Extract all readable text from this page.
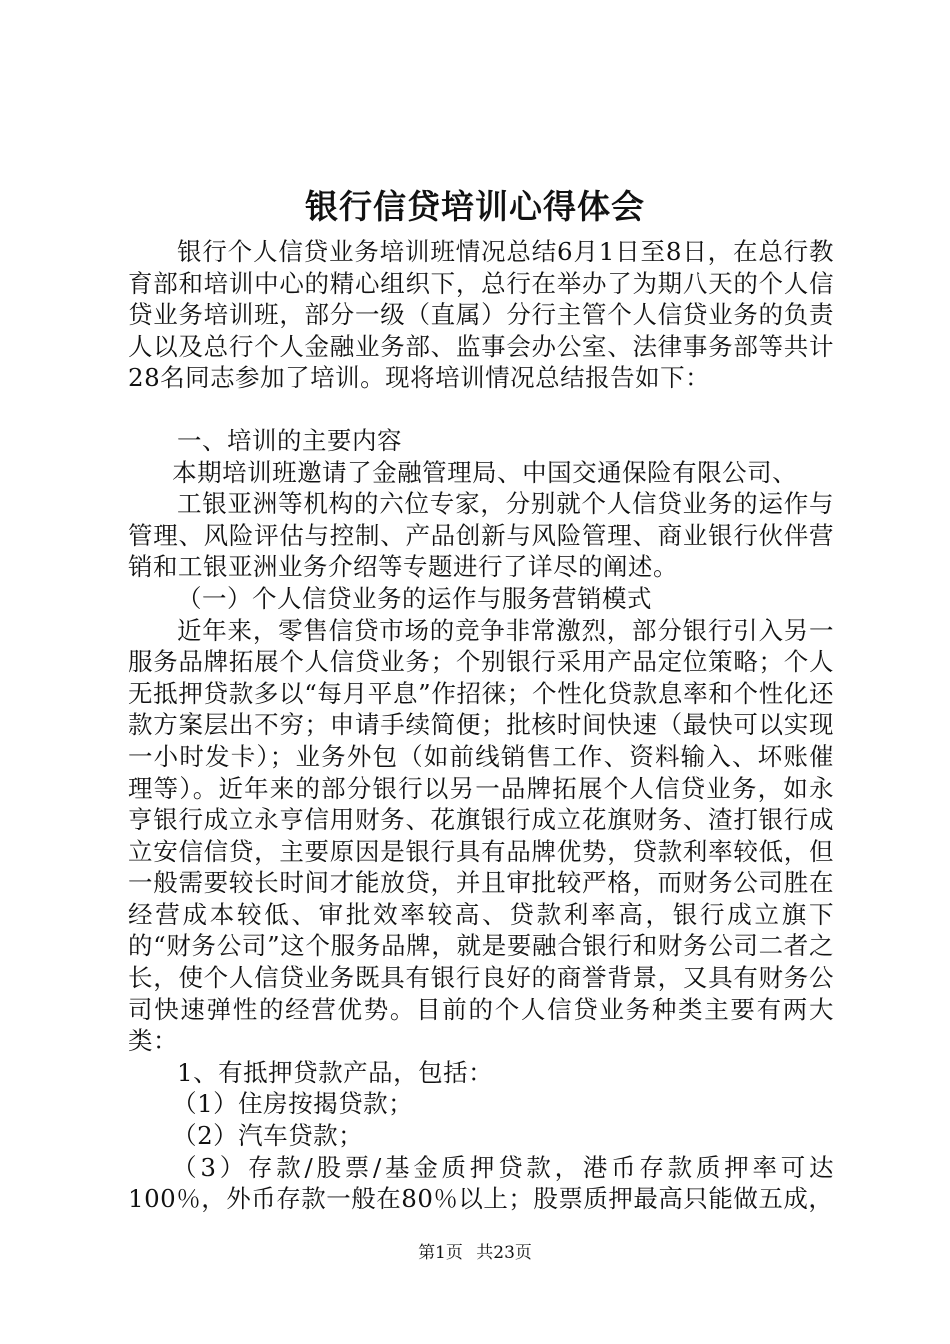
银行信贷培训心得体会

银行个人信贷业务培训班情况总结6月1日至8日，在总行教育部和培训中心的精心组织下，总行在举办了为期八天的个人信贷业务培训班，部分一级（直属）分行主管个人信贷业务的负责人以及总行个人金融业务部、监事会办公室、法律事务部等共计28名同志参加了培训。现将培训情况总结报告如下：

一、培训的主要内容

本期培训班邀请了金融管理局、中国交通保险有限公司、

工银亚洲等机构的六位专家，分别就个人信贷业务的运作与管理、风险评估与控制、产品创新与风险管理、商业银行伙伴营销和工银亚洲业务介绍等专题进行了详尽的阐述。

（一）个人信贷业务的运作与服务营销模式

近年来，零售信贷市场的竞争非常激烈，部分银行引入另一服务品牌拓展个人信贷业务；个别银行采用产品定位策略；个人无抵押贷款多以“每月平息”作招徕；个性化贷款息率和个性化还款方案层出不穷；申请手续简便；批核时间快速（最快可以实现一小时发卡）；业务外包（如前线销售工作、资料输入、坏账催理等）。近年来的部分银行以另一品牌拓展个人信贷业务，如永亨银行成立永亨信用财务、花旗银行成立花旗财务、渣打银行成立安信信贷，主要原因是银行具有品牌优势，贷款利率较低，但一般需要较长时间才能放贷，并且审批较严格，而财务公司胜在经营成本较低、审批效率较高、贷款利率高，银行成立旗下的“财务公司”这个服务品牌，就是要融合银行和财务公司二者之长，使个人信贷业务既具有银行良好的商誉背景，又具有财务公司快速弹性的经营优势。目前的个人信贷业务种类主要有两大类：

1、有抵押贷款产品，包括：

（1）住房按揭贷款；

（2）汽车贷款；

（3）存款/股票/基金质押贷款，港币存款质押率可达100％，外币存款一般在80％以上；股票质押最高只能做五成，

第1页 共23页
